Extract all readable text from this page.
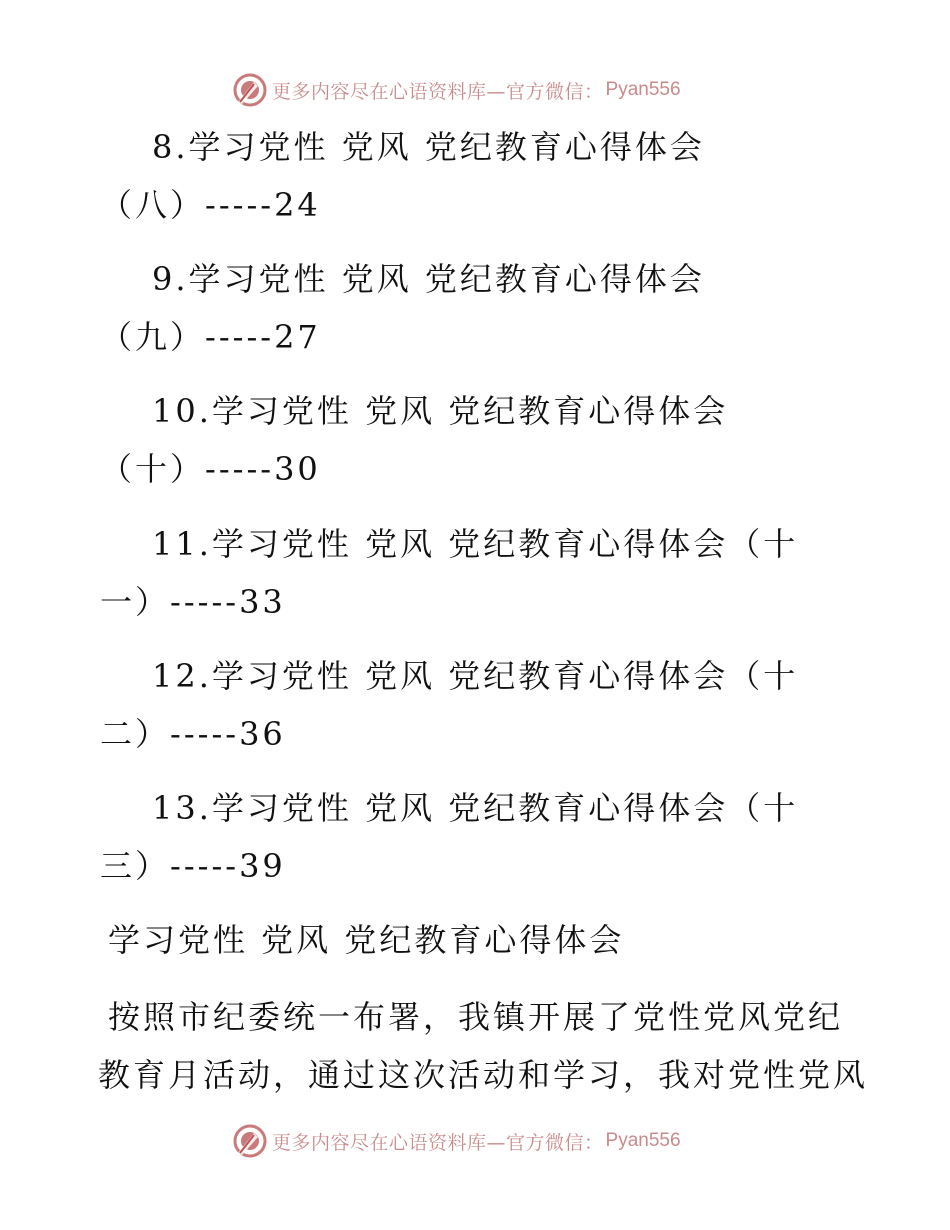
更多内容尽在心语资料库—官方微信： Pyan556
8.学习党性 党风 党纪教育心得体会
（八）-----24
9.学习党性 党风 党纪教育心得体会
（九）-----27
10.学习党性 党风 党纪教育心得体会
（十）-----30
11.学习党性 党风 党纪教育心得体会（十
一）-----33
12.学习党性 党风 党纪教育心得体会（十
二）-----36
13.学习党性 党风 党纪教育心得体会（十
三）-----39
学习党性 党风 党纪教育心得体会
按照市纪委统一布署，我镇开展了党性党风党纪
教育月活动，通过这次活动和学习，我对党性党风
更多内容尽在心语资料库—官方微信： Pyan556
